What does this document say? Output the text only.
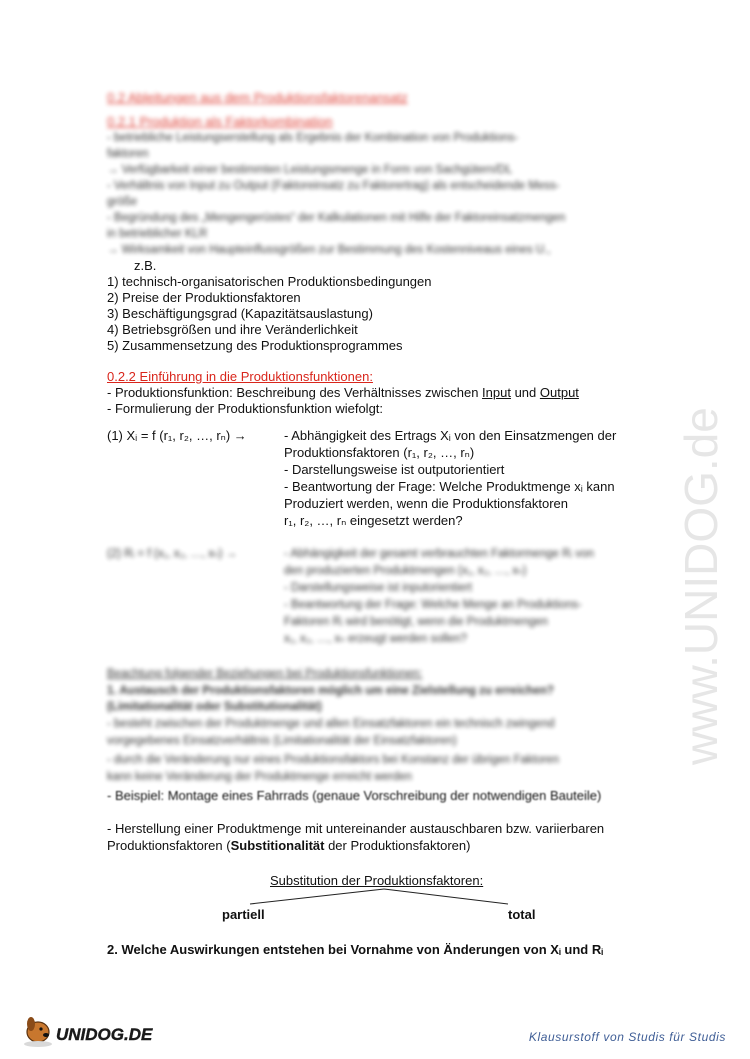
0.2 Ableitungen aus dem Produktionsfaktorenansatz
0.2.1 Produktion als Faktorkombination
- betriebliche Leistungserstellung als Ergebnis der Kombination von Produktions-
faktoren
→ Verfügbarkeit einer bestimmten Leistungsmenge in Form von Sachgütern/DL
- Verhältnis von Input zu Output (Faktoreinsatz zu Faktorertrag) als entscheidende Mess-
größe
- Begründung des „Mengengerüstes“ der Kalkulationen mit Hilfe der Faktoreinsatzmengen
in betrieblicher KLR
→ Wirksamkeit von Haupteinflussgrößen zur Bestimmung des Kostenniveaus eines U.,
z.B.
1) technisch-organisatorischen Produktionsbedingungen
2) Preise der Produktionsfaktoren
3) Beschäftigungsgrad (Kapazitätsauslastung)
4) Betriebsgrößen und ihre Veränderlichkeit
5) Zusammensetzung des Produktionsprogrammes
0.2.2 Einführung in die Produktionsfunktionen:
- Produktionsfunktion: Beschreibung des Verhältnisses zwischen Input und Output
- Formulierung der Produktionsfunktion wiefolgt:
(1) Xᵢ = f (r₁, r₂, …, rₙ) →	- Abhängigkeit des Ertrags Xᵢ von den Einsatzmengen der
Produktionsfaktoren (r₁, r₂, …, rₙ)
- Darstellungsweise ist outputorientiert
- Beantwortung der Frage: Welche Produktmenge xᵢ kann
Produziert werden, wenn die Produktionsfaktoren
r₁, r₂, …, rₙ eingesetzt werden?
(2) Rᵢ = f (x₁, x₂, …, xₙ) →	- Abhängigkeit der gesamt verbrauchten Faktormenge Rᵢ von
den produzierten Produktmengen (x₁, x₂, …, xₙ)
- Darstellungsweise ist inputorientiert
- Beantwortung der Frage: Welche Menge an Produktions-
Faktoren Rᵢ wird benötigt, wenn die Produktmengen
x₁, x₂, …, xₙ erzeugt werden sollen?
Beachtung folgender Beziehungen bei Produktionsfunktionen:
1. Austausch der Produktionsfaktoren möglich um eine Zielstellung zu erreichen?
(Limitationalität oder Substitutionalität)
- besteht zwischen der Produktmenge und allen Einsatzfaktoren ein technisch zwingend
vorgegebenes Einsatzverhältnis (Limitationalität der Einsatzfaktoren)
- durch die Veränderung nur eines Produktionsfaktors bei Konstanz der übrigen Faktoren
kann keine Veränderung der Produktmenge erreicht werden
- Beispiel: Montage eines Fahrrads (genaue Vorschreibung der notwendigen Bauteile)
- Herstellung einer Produktmenge mit untereinander austauschbaren bzw. variierbaren
Produktionsfaktoren (Substitionalität der Produktionsfaktoren)
Substitution der Produktionsfaktoren:
partiell	total
2. Welche Auswirkungen entstehen bei Vornahme von Änderungen von Xᵢ und Rᵢ
www.UNIDOG.de
UNIDOG.DE	Klausurstoff von Studis für Studis
